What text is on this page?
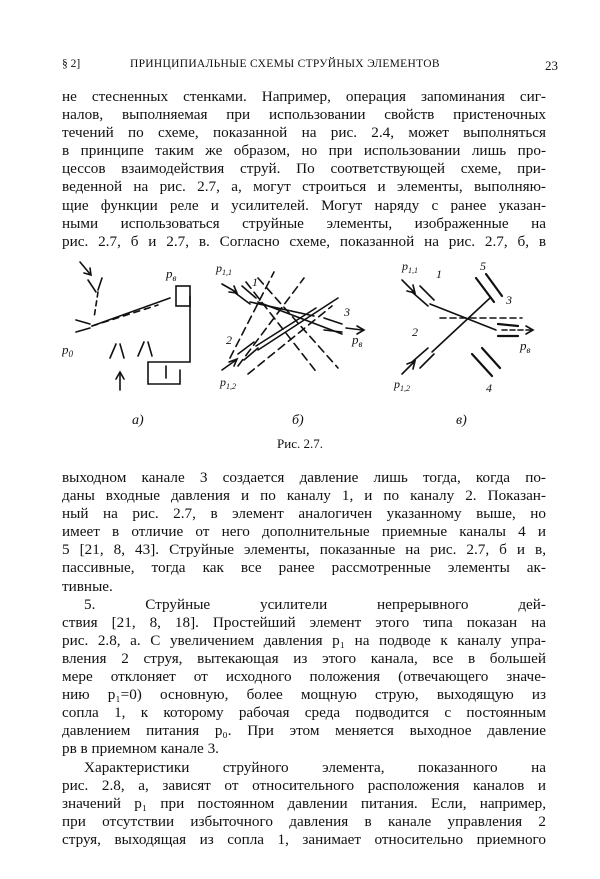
§ 2]	ПРИНЦИПИАЛЬНЫЕ СХЕМЫ СТРУЙНЫХ ЭЛЕМЕНТОВ	23
не стесненных стенками. Например, операция запоминания сиг-
налов, выполняемая при использовании свойств пристеночных
течений по схеме, показанной на рис. 2.4, может выполняться
в принципе таким же образом, но при использовании лишь про-
цессов взаимодействия струй. По соответствующей схеме, при-
веденной на рис. 2.7, а, могут строиться и элементы, выполняю-
щие функции реле и усилителей. Могут наряду с ранее указан-
ными использоваться струйные элементы, изображенные на
рис. 2.7, б и 2.7, в. Согласно схеме, показанной на рис. 2.7, б, в
$p_в$
$p_0$
а)
$p_{1,1}$
1
2
3
$p_в$
$p_{1,2}$
б)
$p_{1,1}$ 1
5
3
2
$p_в$
4
$p_{1,2}$
в)
Рис. 2.7.
выходном канале 3 создается давление лишь тогда, когда по-
даны входные давления и по каналу 1, и по каналу 2. Показан-
ный на рис. 2.7, в элемент аналогичен указанному выше, но
имеет в отличие от него дополнительные приемные каналы 4 и
5 [21, 8, 43]. Струйные элементы, показанные на рис. 2.7, б и в,
пассивные, тогда как все ранее рассмотренные элементы ак-
тивные.
5. Струйные усилители непрерывного дей-
ствия [21, 8, 18]. Простейший элемент этого типа показан на
рис. 2.8, а. С увеличением давления p₁ на подводе к каналу упра-
вления 2 струя, вытекающая из этого канала, все в большей
мере отклоняет от исходного положения (отвечающего значе-
нию p₁=0) основную, более мощную струю, выходящую из
сопла 1, к которому рабочая среда подводится с постоянным
давлением питания p₀. При этом меняется выходное давление
pв в приемном канале 3.
Характеристики струйного элемента, показанного на
рис. 2.8, а, зависят от относительного расположения каналов и
значений p₁ при постоянном давлении питания. Если, например,
при отсутствии избыточного давления в канале управления 2
струя, выходящая из сопла 1, занимает относительно приемного
